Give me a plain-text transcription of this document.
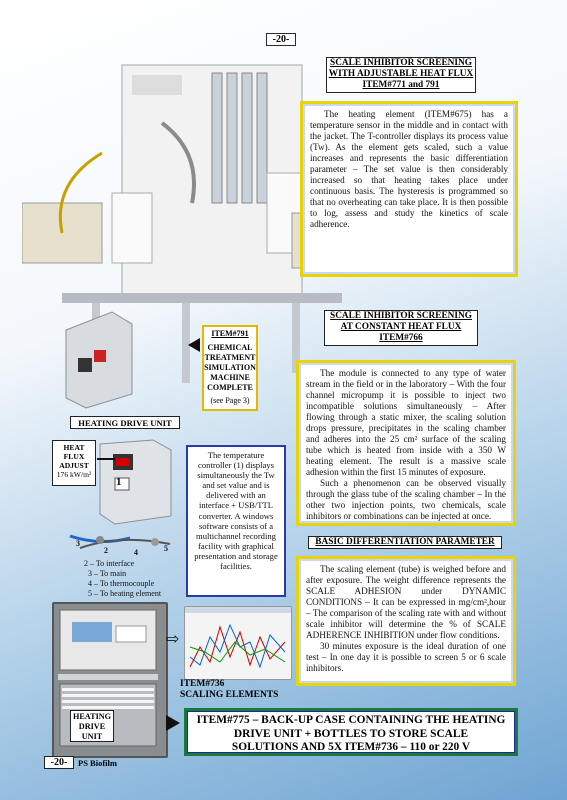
-20-
SCALE INHIBITOR SCREENING
WITH ADJUSTABLE HEAT FLUX
ITEM#771 and 791
The heating element (ITEM#675) has a temperature sensor in the middle and in contact with the jacket. The T-controller displays its process value (Tw). As the element gets scaled, such a value increases and represents the basic differentiation parameter – The set value is then considerably increased so that heating takes place under continuous basis. The hysteresis is programmed so that no overheating can take place. It is then possible to log, assess and study the kinetics of scale adherence.
ITEM#791
CHEMICAL
TREATMENT
SIMULATION
MACHINE
COMPLETE
(see Page 3)
SCALE INHIBITOR SCREENING
AT CONSTANT HEAT FLUX
ITEM#766
The module is connected to any type of water stream in the field or in the laboratory – With the four channel micropump it is possible to inject two incompatible solutions simultaneously – After flowing through a static mixer, the scaling solution drops pressure, precipitates in the scaling chamber and adheres into the 25 cm² surface of the scaling tube which is heated from inside with a 350 W heating element. The result is a massive scale adhesion within the first 15 minutes of exposure.
Such a phenomenon can be observed visually through the glass tube of the scaling chamber – In the other two injection points, two chemicals, scale inhibitors or combinations can be injected at once.
HEATING DRIVE UNIT
1
HEAT
FLUX
ADJUST
176 kW/m²
3
2	4	5
2 – To interface
3 – To main
4 – To thermocouple
5 – To heating element
The temperature controller (1) displays simultaneously the Tw and set value and is delivered with an interface + USB/TTL converter. A windows software consists of a multichannel recording facility with graphical presentation and storage facilities.
BASIC DIFFERENTIATION PARAMETER
The scaling element (tube) is weighed before and after exposure. The weight difference represents the SCALE ADHESION under DYNAMIC CONDITIONS – It can be expressed in mg/cm²,hour – The comparison of the scaling rate with and without scale inhibitor will determine the % of SCALE ADHERENCE INHIBITION under flow conditions.
30 minutes exposure is the ideal duration of one test – In one day it is possible to screen 5 or 6 scale inhibitors.
HEATING
DRIVE
UNIT
⇨
ITEM#736
SCALING ELEMENTS
ITEM#775 – BACK-UP CASE CONTAINING THE HEATING
DRIVE UNIT + BOTTLES TO STORE SCALE
SOLUTIONS AND 5X ITEM#736 – 110 or 220 V
-20-	PS Biofilm
